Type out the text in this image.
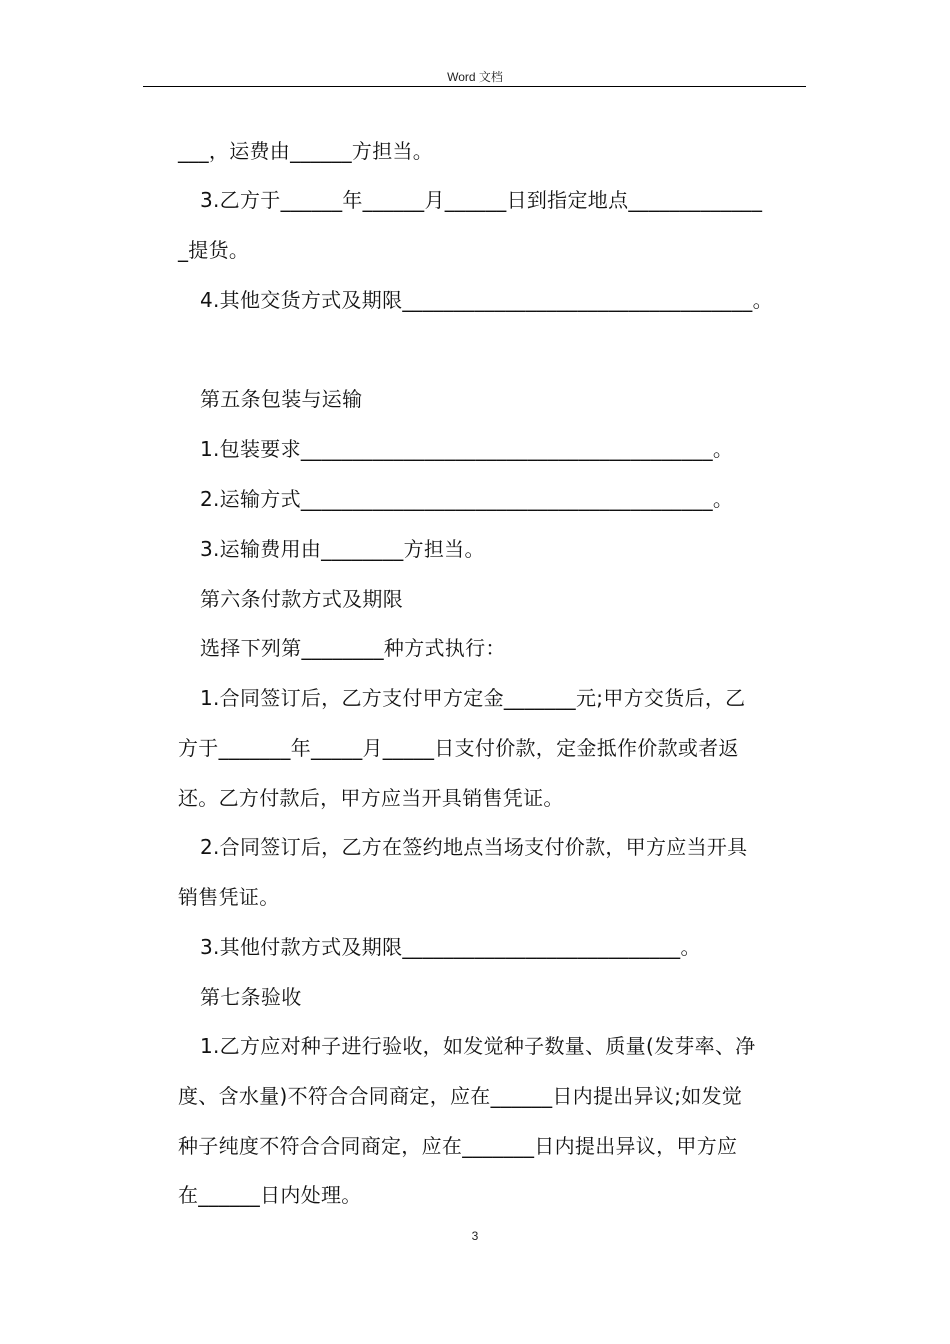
Word 文档
___，运费由______方担当。
3.乙方于______年______月______日到指定地点_____________
_提货。
4.其他交货方式及期限__________________________________。
第五条包装与运输
1.包装要求________________________________________。
2.运输方式________________________________________。
3.运输费用由________方担当。
第六条付款方式及期限
选择下列第________种方式执行：
1.合同签订后，乙方支付甲方定金_______元;甲方交货后，乙
方于_______年_____月_____日支付价款，定金抵作价款或者返
还。乙方付款后，甲方应当开具销售凭证。
2.合同签订后，乙方在签约地点当场支付价款，甲方应当开具
销售凭证。
3.其他付款方式及期限___________________________。
第七条验收
1.乙方应对种子进行验收，如发觉种子数量、质量(发芽率、净
度、含水量)不符合合同商定，应在______日内提出异议;如发觉
种子纯度不符合合同商定，应在_______日内提出异议，甲方应
在______日内处理。
3
